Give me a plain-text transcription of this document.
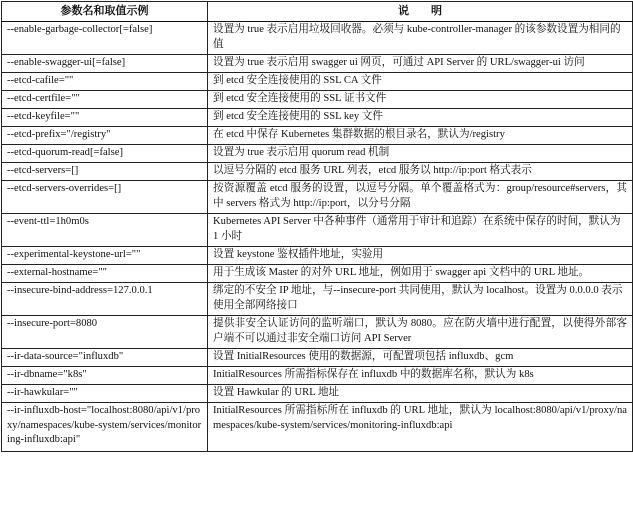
参数名和取值示例	说　　明
--enable-garbage-collector[=false]	设置为 true 表示启用垃圾回收器。必须与 kube-controller-manager 的该参数设置为相同的值
--enable-swagger-ui[=false]	设置为 true 表示启用 swagger ui 网页，可通过 API Server 的 URL/swagger-ui 访问
--etcd-cafile=""	到 etcd 安全连接使用的 SSL CA 文件
--etcd-certfile=""	到 etcd 安全连接使用的 SSL 证书文件
--etcd-keyfile=""	到 etcd 安全连接使用的 SSL key 文件
--etcd-prefix="/registry"	在 etcd 中保存 Kubernetes 集群数据的根目录名，默认为/registry
--etcd-quorum-read[=false]	设置为 true 表示启用 quorum read 机制
--etcd-servers=[]	以逗号分隔的 etcd 服务 URL 列表，etcd 服务以 http://ip:port 格式表示
--etcd-servers-overrides=[]	按资源覆盖 etcd 服务的设置，以逗号分隔。单个覆盖格式为：group/resource#servers，其中 servers 格式为 http://ip:port，以分号分隔
--event-ttl=1h0m0s	Kubernetes API Server 中各种事件（通常用于审计和追踪）在系统中保存的时间，默认为 1 小时
--experimental-keystone-url=""	设置 keystone 鉴权插件地址，实验用
--external-hostname=""	用于生成该 Master 的对外 URL 地址，例如用于 swagger api 文档中的 URL 地址。
--insecure-bind-address=127.0.0.1	绑定的不安全 IP 地址，与--insecure-port 共同使用，默认为 localhost。设置为 0.0.0.0 表示使用全部网络接口
--insecure-port=8080	提供非安全认证访问的监听端口，默认为 8080。应在防火墙中进行配置，以使得外部客户端不可以通过非安全端口访问 API Server
--ir-data-source="influxdb"	设置 InitialResources 使用的数据源，可配置项包括 influxdb、gcm
--ir-dbname="k8s"	InitialResources 所需指标保存在 influxdb 中的数据库名称，默认为 k8s
--ir-hawkular=""	设置 Hawkular 的 URL 地址
--ir-influxdb-host="localhost:8080/api/v1/proxy/namespaces/kube-system/services/monitoring-influxdb:api"	InitialResources 所需指标所在 influxdb 的 URL 地址，默认为 localhost:8080/api/v1/proxy/namespaces/kube-system/services/monitoring-influxdb:api
